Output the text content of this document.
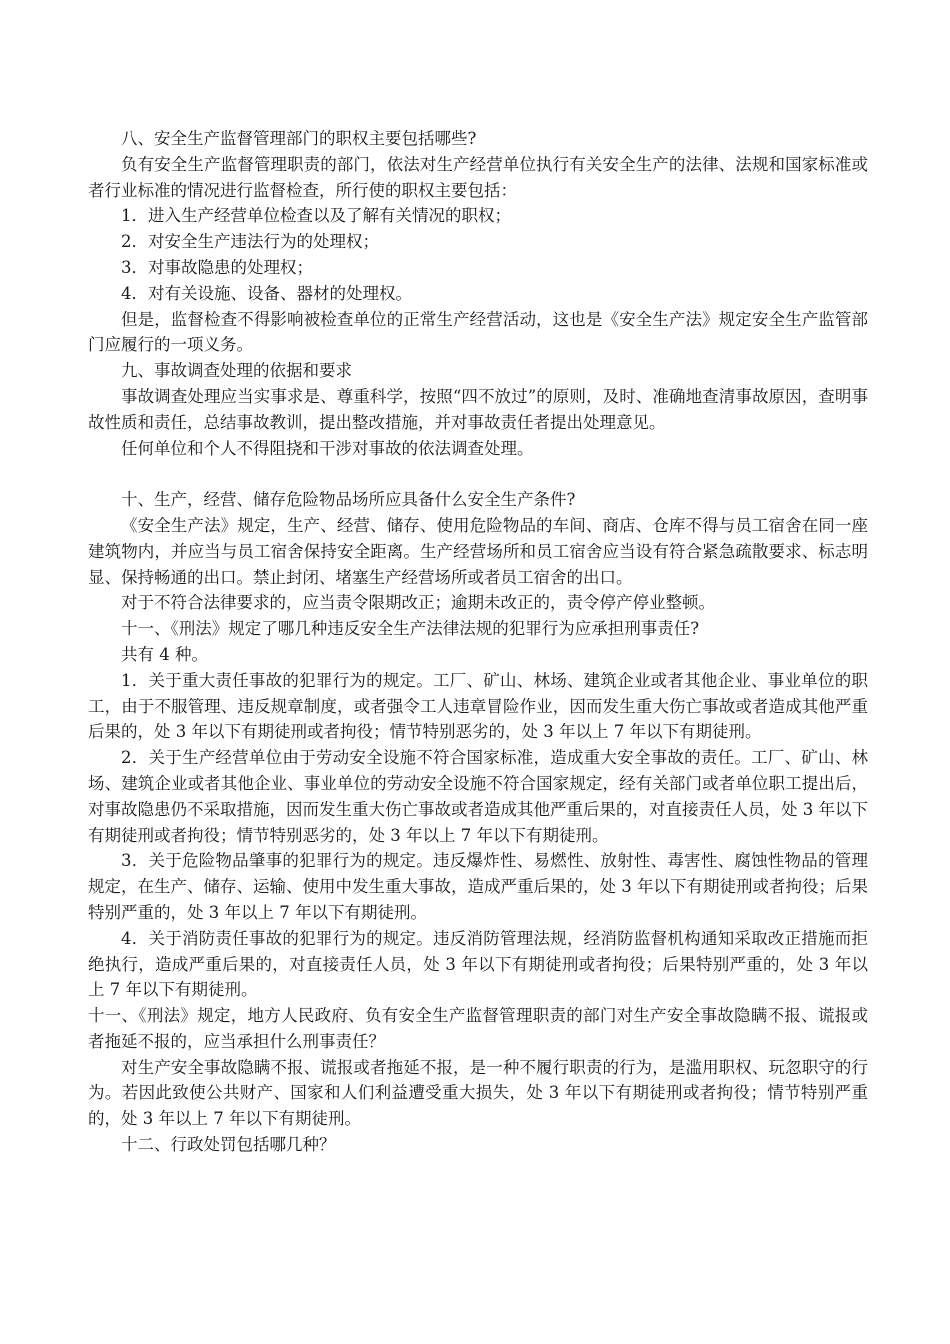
八、安全生产监督管理部门的职权主要包括哪些?

负有安全生产监督管理职责的部门，依法对生产经营单位执行有关安全生产的法律、法规和国家标准或者行业标准的情况进行监督检查，所行使的职权主要包括：

1．进入生产经营单位检查以及了解有关情况的职权；

2．对安全生产违法行为的处理权；

3．对事故隐患的处理权；

4．对有关设施、设备、器材的处理权。

但是，监督检查不得影响被检查单位的正常生产经营活动，这也是《安全生产法》规定安全生产监管部门应履行的一项义务。

九、事故调查处理的依据和要求

事故调查处理应当实事求是、尊重科学，按照“四不放过”的原则，及时、准确地查清事故原因，查明事故性质和责任，总结事故教训，提出整改措施，并对事故责任者提出处理意见。

任何单位和个人不得阻挠和干涉对事故的依法调查处理。

十、生产，经营、储存危险物品场所应具备什么安全生产条件?

《安全生产法》规定，生产、经营、储存、使用危险物品的车间、商店、仓库不得与员工宿舍在同一座建筑物内，并应当与员工宿舍保持安全距离。生产经营场所和员工宿舍应当设有符合紧急疏散要求、标志明显、保持畅通的出口。禁止封闭、堵塞生产经营场所或者员工宿舍的出口。

对于不符合法律要求的，应当责令限期改正；逾期未改正的，责令停产停业整顿。

十一、《刑法》规定了哪几种违反安全生产法律法规的犯罪行为应承担刑事责任?

共有 4 种。

1．关于重大责任事故的犯罪行为的规定。工厂、矿山、林场、建筑企业或者其他企业、事业单位的职工，由于不服管理、违反规章制度，或者强令工人违章冒险作业，因而发生重大伤亡事故或者造成其他严重后果的，处 3 年以下有期徒刑或者拘役；情节特别恶劣的，处 3 年以上 7 年以下有期徒刑。

2．关于生产经营单位由于劳动安全设施不符合国家标准，造成重大安全事故的责任。工厂、矿山、林场、建筑企业或者其他企业、事业单位的劳动安全设施不符合国家规定，经有关部门或者单位职工提出后，对事故隐患仍不采取措施，因而发生重大伤亡事故或者造成其他严重后果的，对直接责任人员，处 3 年以下有期徒刑或者拘役；情节特别恶劣的，处 3 年以上 7 年以下有期徒刑。

3．关于危险物品肇事的犯罪行为的规定。违反爆炸性、易燃性、放射性、毒害性、腐蚀性物品的管理规定，在生产、储存、运输、使用中发生重大事故，造成严重后果的，处 3 年以下有期徒刑或者拘役；后果特别严重的，处 3 年以上 7 年以下有期徒刑。

4．关于消防责任事故的犯罪行为的规定。违反消防管理法规，经消防监督机构通知采取改正措施而拒绝执行，造成严重后果的，对直接责任人员，处 3 年以下有期徒刑或者拘役；后果特别严重的，处 3 年以上 7 年以下有期徒刑。

十一、《刑法》规定，地方人民政府、负有安全生产监督管理职责的部门对生产安全事故隐瞒不报、谎报或者拖延不报的，应当承担什么刑事责任？

对生产安全事故隐瞒不报、谎报或者拖延不报，是一种不履行职责的行为，是滥用职权、玩忽职守的行为。若因此致使公共财产、国家和人们利益遭受重大损失，处 3 年以下有期徒刑或者拘役；情节特别严重的，处 3 年以上 7 年以下有期徒刑。

十二、行政处罚包括哪几种？
